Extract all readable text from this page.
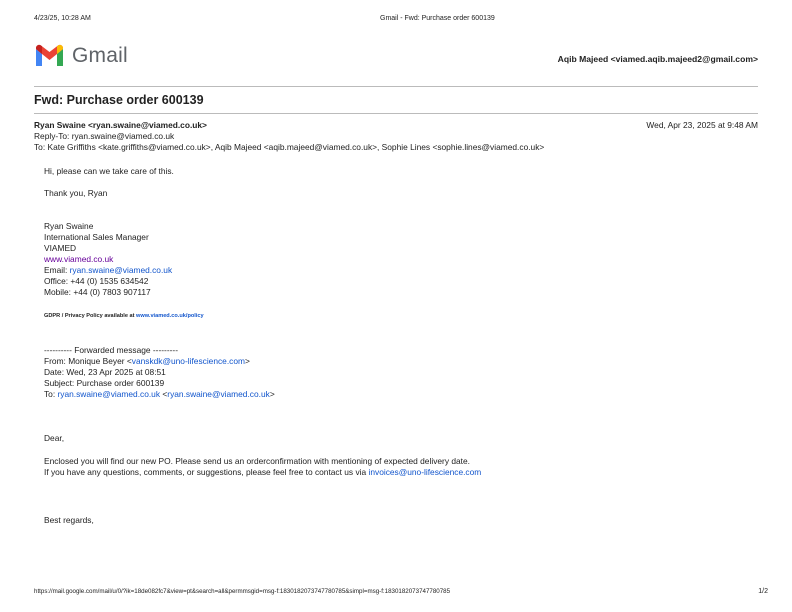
4/23/25, 10:28 AM	Gmail - Fwd: Purchase order 600139
Gmail	Aqib Majeed <viamed.aqib.majeed2@gmail.com>
Fwd: Purchase order 600139
Ryan Swaine <ryan.swaine@viamed.co.uk>	Wed, Apr 23, 2025 at 9:48 AM
Reply-To: ryan.swaine@viamed.co.uk
To: Kate Griffiths <kate.griffiths@viamed.co.uk>, Aqib Majeed <aqib.majeed@viamed.co.uk>, Sophie Lines <sophie.lines@viamed.co.uk>
Hi, please can we take care of this.
Thank you, Ryan
Ryan Swaine
International Sales Manager
VIAMED
www.viamed.co.uk
Email: ryan.swaine@viamed.co.uk
Office: +44 (0) 1535 634542
Mobile: +44 (0) 7803 907117
GDPR / Privacy Policy available at www.viamed.co.uk/policy
---------- Forwarded message ---------
From: Monique Beyer <vanskdk@uno-lifescience.com>
Date: Wed, 23 Apr 2025 at 08:51
Subject: Purchase order 600139
To: ryan.swaine@viamed.co.uk <ryan.swaine@viamed.co.uk>
Dear,
Enclosed you will find our new PO. Please send us an orderconfirmation with mentioning of expected delivery date.
If you have any questions, comments, or suggestions, please feel free to contact us via invoices@uno-lifescience.com
Best regards,
https://mail.google.com/mail/u/0/?ik=18de082fc7&view=pt&search=all&permmsgid=msg-f:1830182073747780785&simpl=msg-f:1830182073747780785	1/2
